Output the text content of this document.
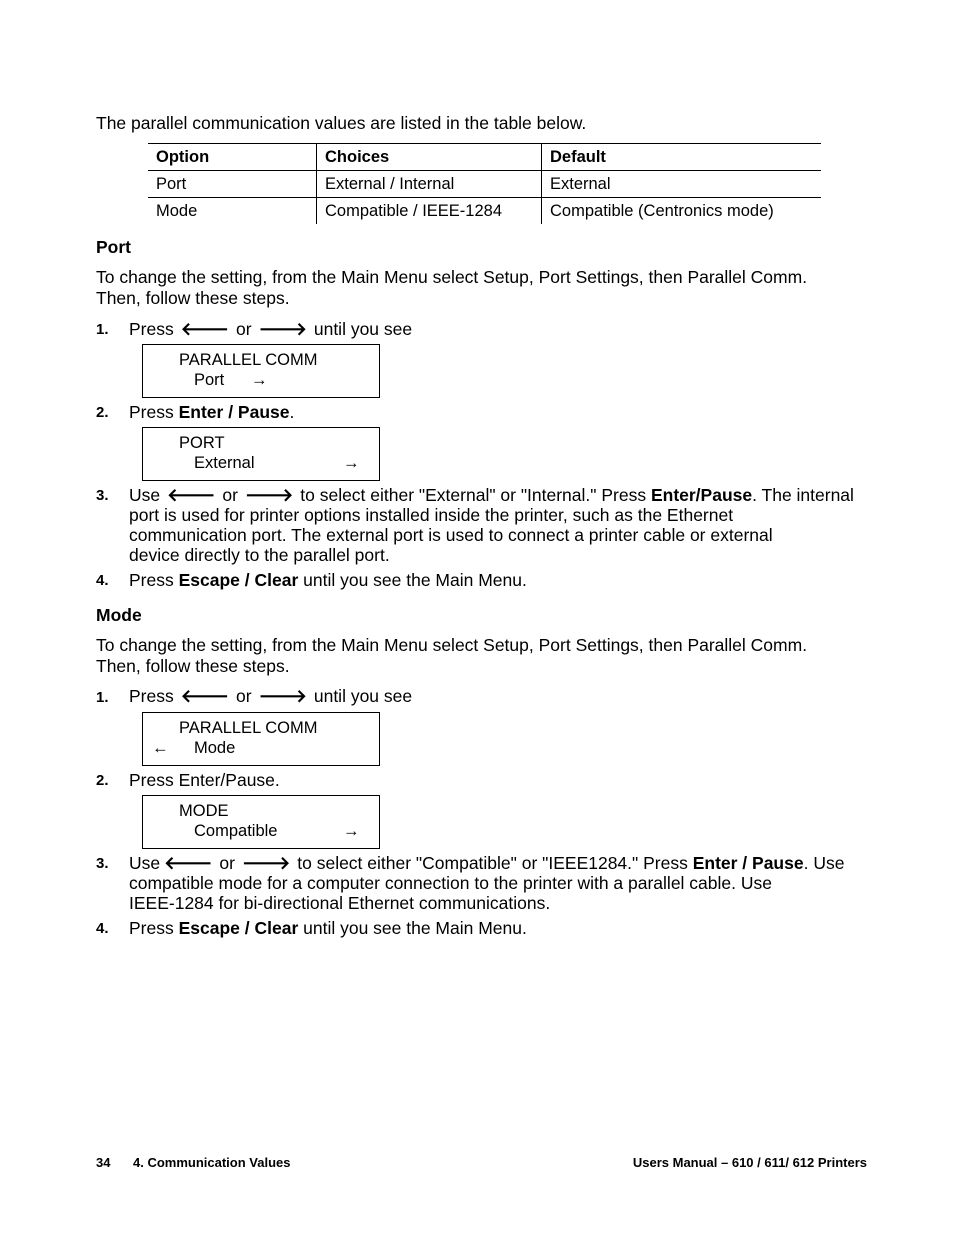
The parallel communication values are listed in the table below.
Option	Choices	Default
Port	External / Internal	External
Mode	Compatible / IEEE-1284	Compatible (Centronics mode)
Port
To change the setting, from the Main Menu select Setup, Port Settings, then Parallel Comm.
Then, follow these steps.
1. Press 🡐 or 🡒 until you see
PARALLEL COMM
Port →
2. Press Enter / Pause.
PORT
External	→
3. Use 🡐 or 🡒 to select either "External" or "Internal." Press Enter/Pause. The internal
port is used for printer options installed inside the printer, such as the Ethernet
communication port. The external port is used to connect a printer cable or external
device directly to the parallel port.
4. Press Escape / Clear until you see the Main Menu.
Mode
To change the setting, from the Main Menu select Setup, Port Settings, then Parallel Comm.
Then, follow these steps.
1. Press 🡐 or 🡒 until you see
PARALLEL COMM
← Mode
2. Press Enter/Pause.
MODE
Compatible	→
3. Use 🡐 or 🡒 to select either "Compatible" or "IEEE1284." Press Enter / Pause. Use
compatible mode for a computer connection to the printer with a parallel cable. Use
IEEE-1284 for bi-directional Ethernet communications.
4. Press Escape / Clear until you see the Main Menu.
34 4. Communication Values	Users Manual – 610 / 611/ 612 Printers
